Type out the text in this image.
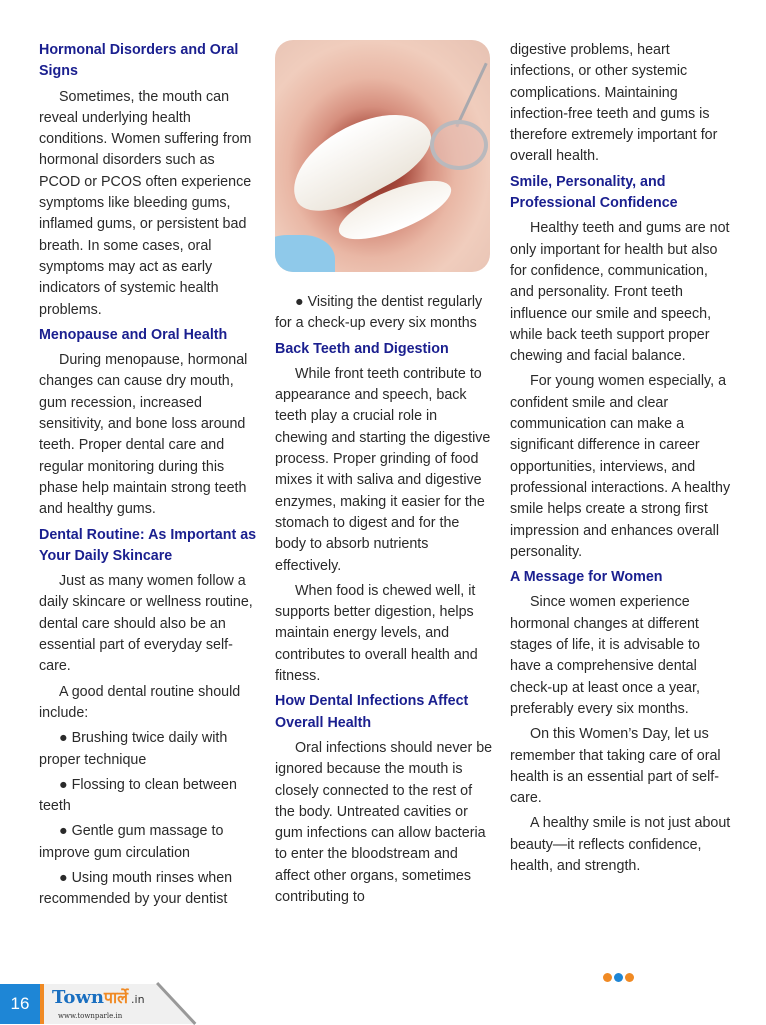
Hormonal Disorders and Oral Signs

Sometimes, the mouth can reveal underlying health conditions. Women suffering from hormonal disorders such as PCOD or PCOS often experience symptoms like bleeding gums, inflamed gums, or persistent bad breath. In some cases, oral symptoms may act as early indicators of systemic health problems.

Menopause and Oral Health

During menopause, hormonal changes can cause dry mouth, gum recession, increased sensitivity, and bone loss around teeth. Proper dental care and regular monitoring during this phase help maintain strong teeth and healthy gums.

Dental Routine: As Important as Your Daily Skincare

Just as many women follow a daily skincare or wellness routine, dental care should also be an essential part of everyday self-care.

A good dental routine should include:

● Brushing twice daily with proper technique

● Flossing to clean between teeth

● Gentle gum massage to improve gum circulation

● Using mouth rinses when recommended by your dentist

● Visiting the dentist regularly for a check-up every six months

Back Teeth and Digestion

While front teeth contribute to appearance and speech, back teeth play a crucial role in chewing and starting the digestive process. Proper grinding of food mixes it with saliva and digestive enzymes, making it easier for the stomach to digest and for the body to absorb nutrients effectively.

When food is chewed well, it supports better digestion, helps maintain energy levels, and contributes to overall health and fitness.

How Dental Infections Affect Overall Health

Oral infections should never be ignored because the mouth is closely connected to the rest of the body. Untreated cavities or gum infections can allow bacteria to enter the bloodstream and affect other organs, sometimes contributing to

digestive problems, heart infections, or other systemic complications. Maintaining infection-free teeth and gums is therefore extremely important for overall health.

Smile, Personality, and Professional Confidence

Healthy teeth and gums are not only important for health but also for confidence, communication, and personality. Front teeth influence our smile and speech, while back teeth support proper chewing and facial balance.

For young women especially, a confident smile and clear communication can make a significant difference in career opportunities, interviews, and professional interactions. A healthy smile helps create a strong first impression and enhances overall personality.

A Message for Women

Since women experience hormonal changes at different stages of life, it is advisable to have a comprehensive dental check-up at least once a year, preferably every six months.

On this Women’s Day, let us remember that taking care of oral health is an essential part of self-care.

A healthy smile is not just about beauty—it reflects confidence, health, and strength.

16	Townपार्ले .in
www.townparle.in
